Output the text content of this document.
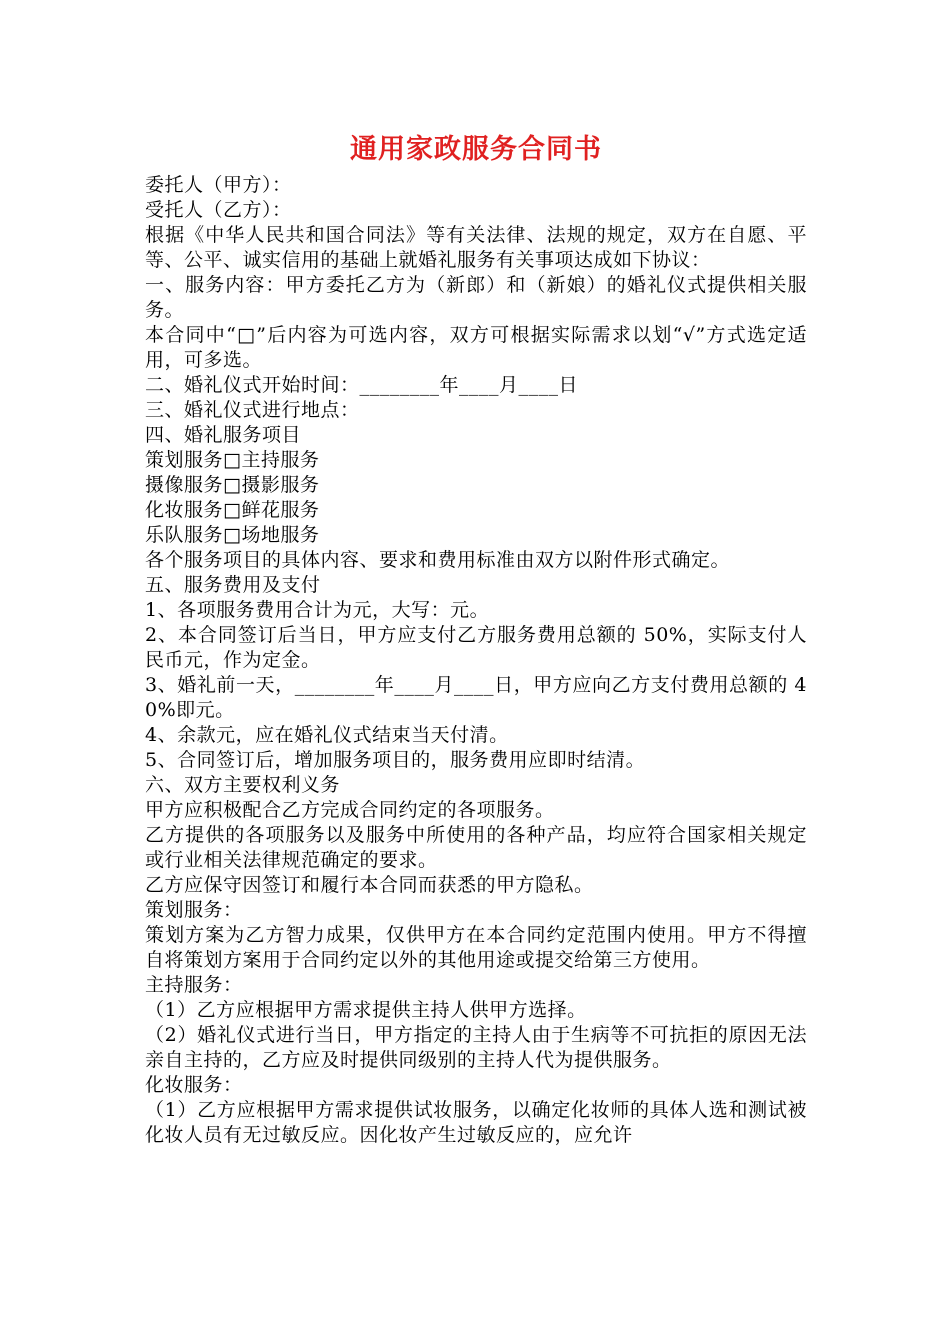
通用家政服务合同书

委托人（甲方）：

受托人（乙方）：

根据《中华人民共和国合同法》等有关法律、法规的规定，双方在自愿、平等、公平、诚实信用的基础上就婚礼服务有关事项达成如下协议：

一、服务内容：甲方委托乙方为（新郎）和（新娘）的婚礼仪式提供相关服务。

本合同中“□”后内容为可选内容，双方可根据实际需求以划“√”方式选定适用，可多选。

二、婚礼仪式开始时间：________年____月____日

三、婚礼仪式进行地点：

四、婚礼服务项目

策划服务□主持服务

摄像服务□摄影服务

化妆服务□鲜花服务

乐队服务□场地服务

各个服务项目的具体内容、要求和费用标准由双方以附件形式确定。

五、服务费用及支付

1、各项服务费用合计为元，大写：元。

2、本合同签订后当日，甲方应支付乙方服务费用总额的 50%，实际支付人民币元，作为定金。

3、婚礼前一天，________年____月____日，甲方应向乙方支付费用总额的 40%即元。

4、余款元，应在婚礼仪式结束当天付清。

5、合同签订后，增加服务项目的，服务费用应即时结清。

六、双方主要权利义务

甲方应积极配合乙方完成合同约定的各项服务。

乙方提供的各项服务以及服务中所使用的各种产品，均应符合国家相关规定或行业相关法律规范确定的要求。

乙方应保守因签订和履行本合同而获悉的甲方隐私。

策划服务：

策划方案为乙方智力成果，仅供甲方在本合同约定范围内使用。甲方不得擅自将策划方案用于合同约定以外的其他用途或提交给第三方使用。

主持服务：

（1）乙方应根据甲方需求提供主持人供甲方选择。

（2）婚礼仪式进行当日，甲方指定的主持人由于生病等不可抗拒的原因无法亲自主持的，乙方应及时提供同级别的主持人代为提供服务。

化妆服务：

（1）乙方应根据甲方需求提供试妆服务，以确定化妆师的具体人选和测试被化妆人员有无过敏反应。因化妆产生过敏反应的，应允许
